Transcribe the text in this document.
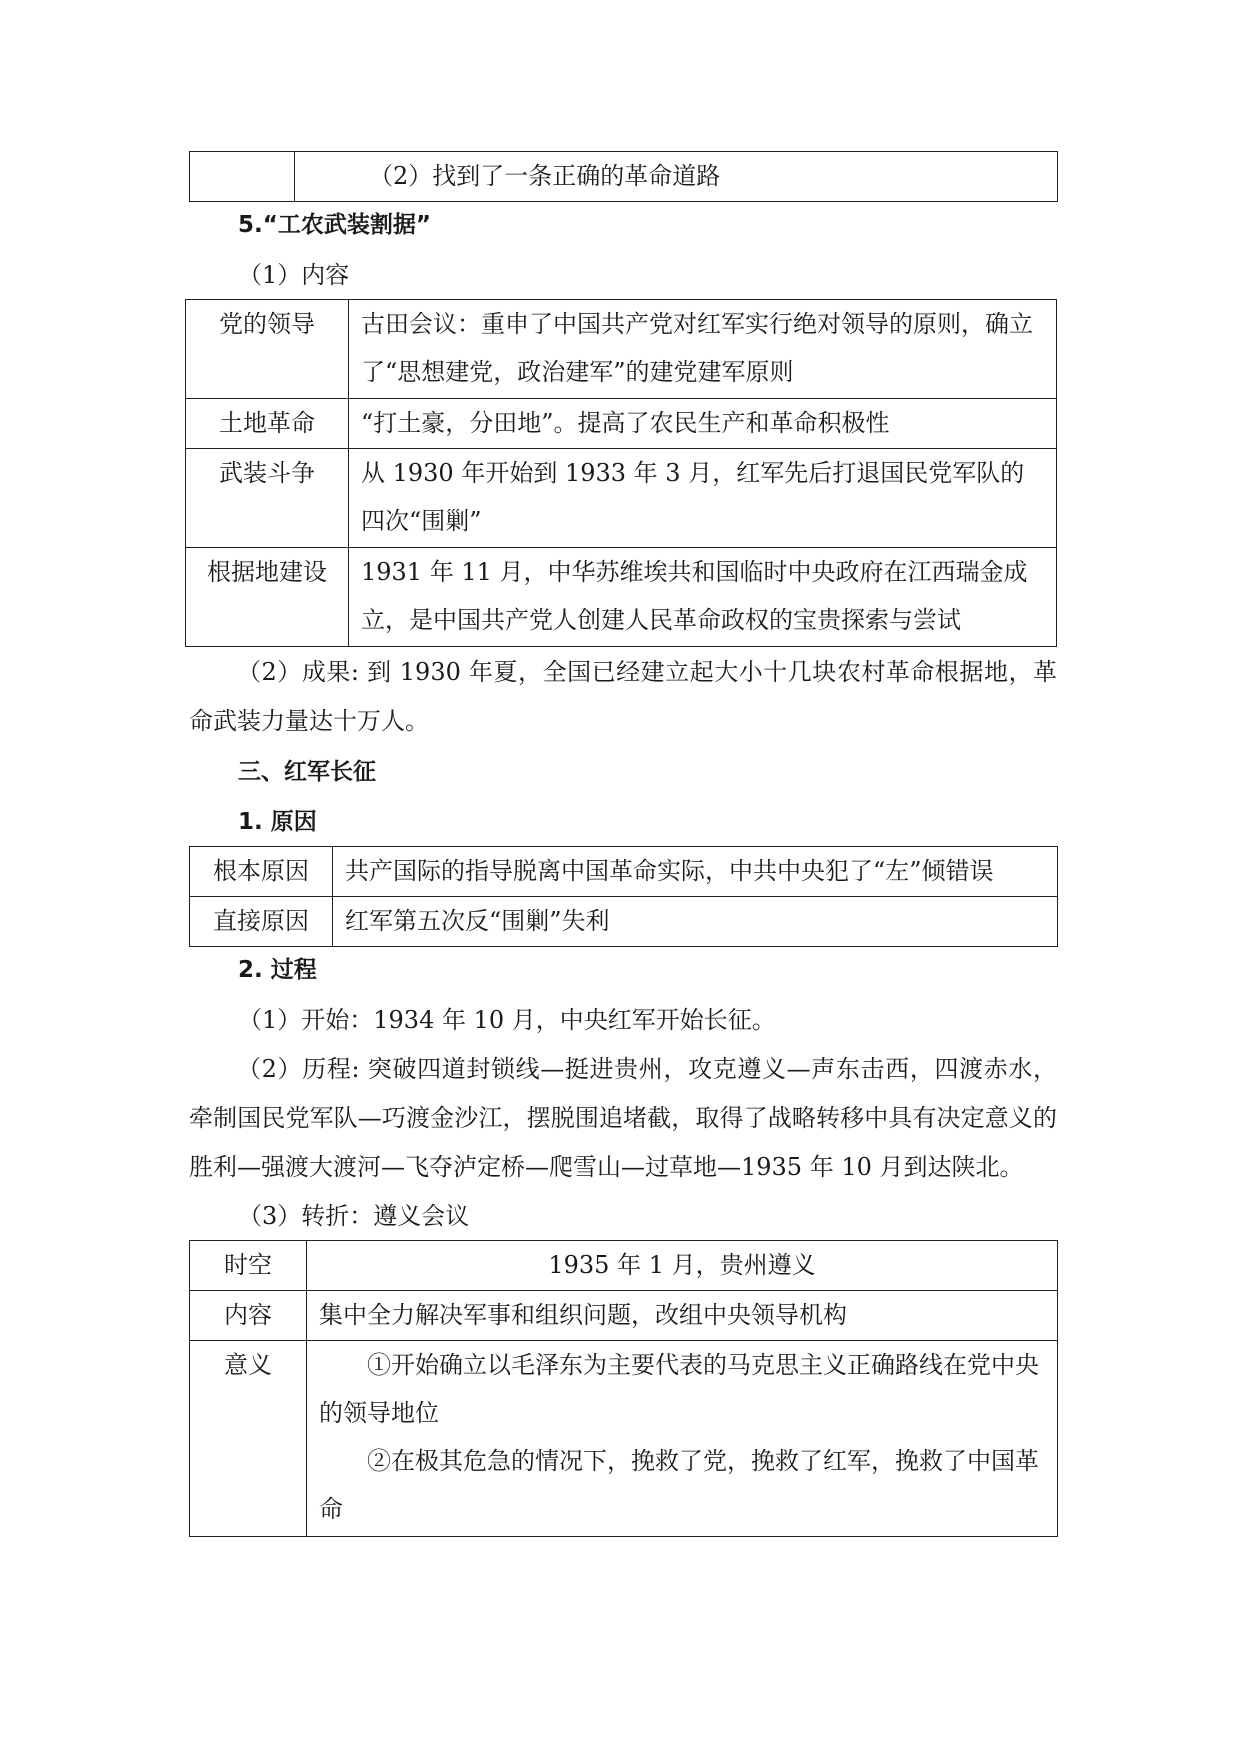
	（2）找到了一条正确的革命道路
5.“工农武装割据”
（1）内容
党的领导	古田会议：重申了中国共产党对红军实行绝对领导的原则，确立了“思想建党，政治建军”的建党建军原则
土地革命	“打土豪，分田地”。提高了农民生产和革命积极性
武装斗争	从 1930 年开始到 1933 年 3 月，红军先后打退国民党军队的四次“围剿”
根据地建设	1931 年 11 月，中华苏维埃共和国临时中央政府在江西瑞金成立，是中国共产党人创建人民革命政权的宝贵探索与尝试
（2）成果: 到 1930 年夏，全国已经建立起大小十几块农村革命根据地，革命武装力量达十万人。
三、红军长征
1. 原因
根本原因	共产国际的指导脱离中国革命实际，中共中央犯了“左”倾错误
直接原因	红军第五次反“围剿”失利
2. 过程
（1）开始：1934 年 10 月，中央红军开始长征。
（2）历程: 突破四道封锁线—挺进贵州，攻克遵义—声东击西，四渡赤水，牵制国民党军队—巧渡金沙江，摆脱围追堵截，取得了战略转移中具有决定意义的胜利—强渡大渡河—飞夺泸定桥—爬雪山—过草地—1935 年 10 月到达陕北。
（3）转折：遵义会议
时空	1935 年 1 月，贵州遵义
内容	集中全力解决军事和组织问题，改组中央领导机构
意义	①开始确立以毛泽东为主要代表的马克思主义正确路线在党中央的领导地位
②在极其危急的情况下，挽救了党，挽救了红军，挽救了中国革命
